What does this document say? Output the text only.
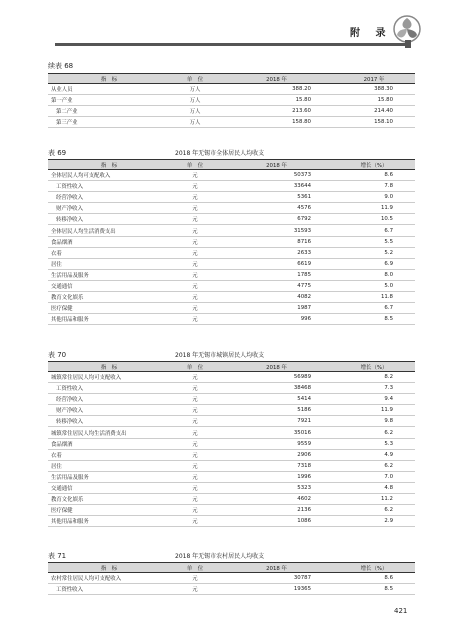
附 录
续表 68
指　标	单　位	2018 年	2017 年
从业人员	万人	388.20	388.30
第一产业	万人	15.80	15.80
第二产业	万人	213.60	214.40
第三产业	万人	158.80	158.10
表 69	2018 年无锡市全体居民人均收支
指　标	单　位	2018 年	增长（%）
全体居民人均可支配收入	元	50373	8.6
工资性收入	元	33644	7.8
经营净收入	元	5361	9.0
财产净收入	元	4576	11.9
转移净收入	元	6792	10.5
全体居民人均生活消费支出	元	31593	6.7
食品烟酒	元	8716	5.5
衣着	元	2633	5.2
居住	元	6619	6.9
生活用品及服务	元	1785	8.0
交通通信	元	4775	5.0
教育文化娱乐	元	4082	11.8
医疗保健	元	1987	6.7
其他用品和服务	元	996	8.5
表 70	2018 年无锡市城镇居民人均收支
指　标	单　位	2018 年	增长（%）
城镇常住居民人均可支配收入	元	56989	8.2
工资性收入	元	38468	7.3
经营净收入	元	5414	9.4
财产净收入	元	5186	11.9
转移净收入	元	7921	9.8
城镇常住居民人均生活消费支出	元	35016	6.2
食品烟酒	元	9559	5.3
衣着	元	2906	4.9
居住	元	7318	6.2
生活用品及服务	元	1996	7.0
交通通信	元	5323	4.8
教育文化娱乐	元	4602	11.2
医疗保健	元	2136	6.2
其他用品和服务	元	1086	2.9
表 71	2018 年无锡市农村居民人均收支
指　标	单　位	2018 年	增长（%）
农村常住居民人均可支配收入	元	30787	8.6
工资性收入	元	19365	8.5
421
